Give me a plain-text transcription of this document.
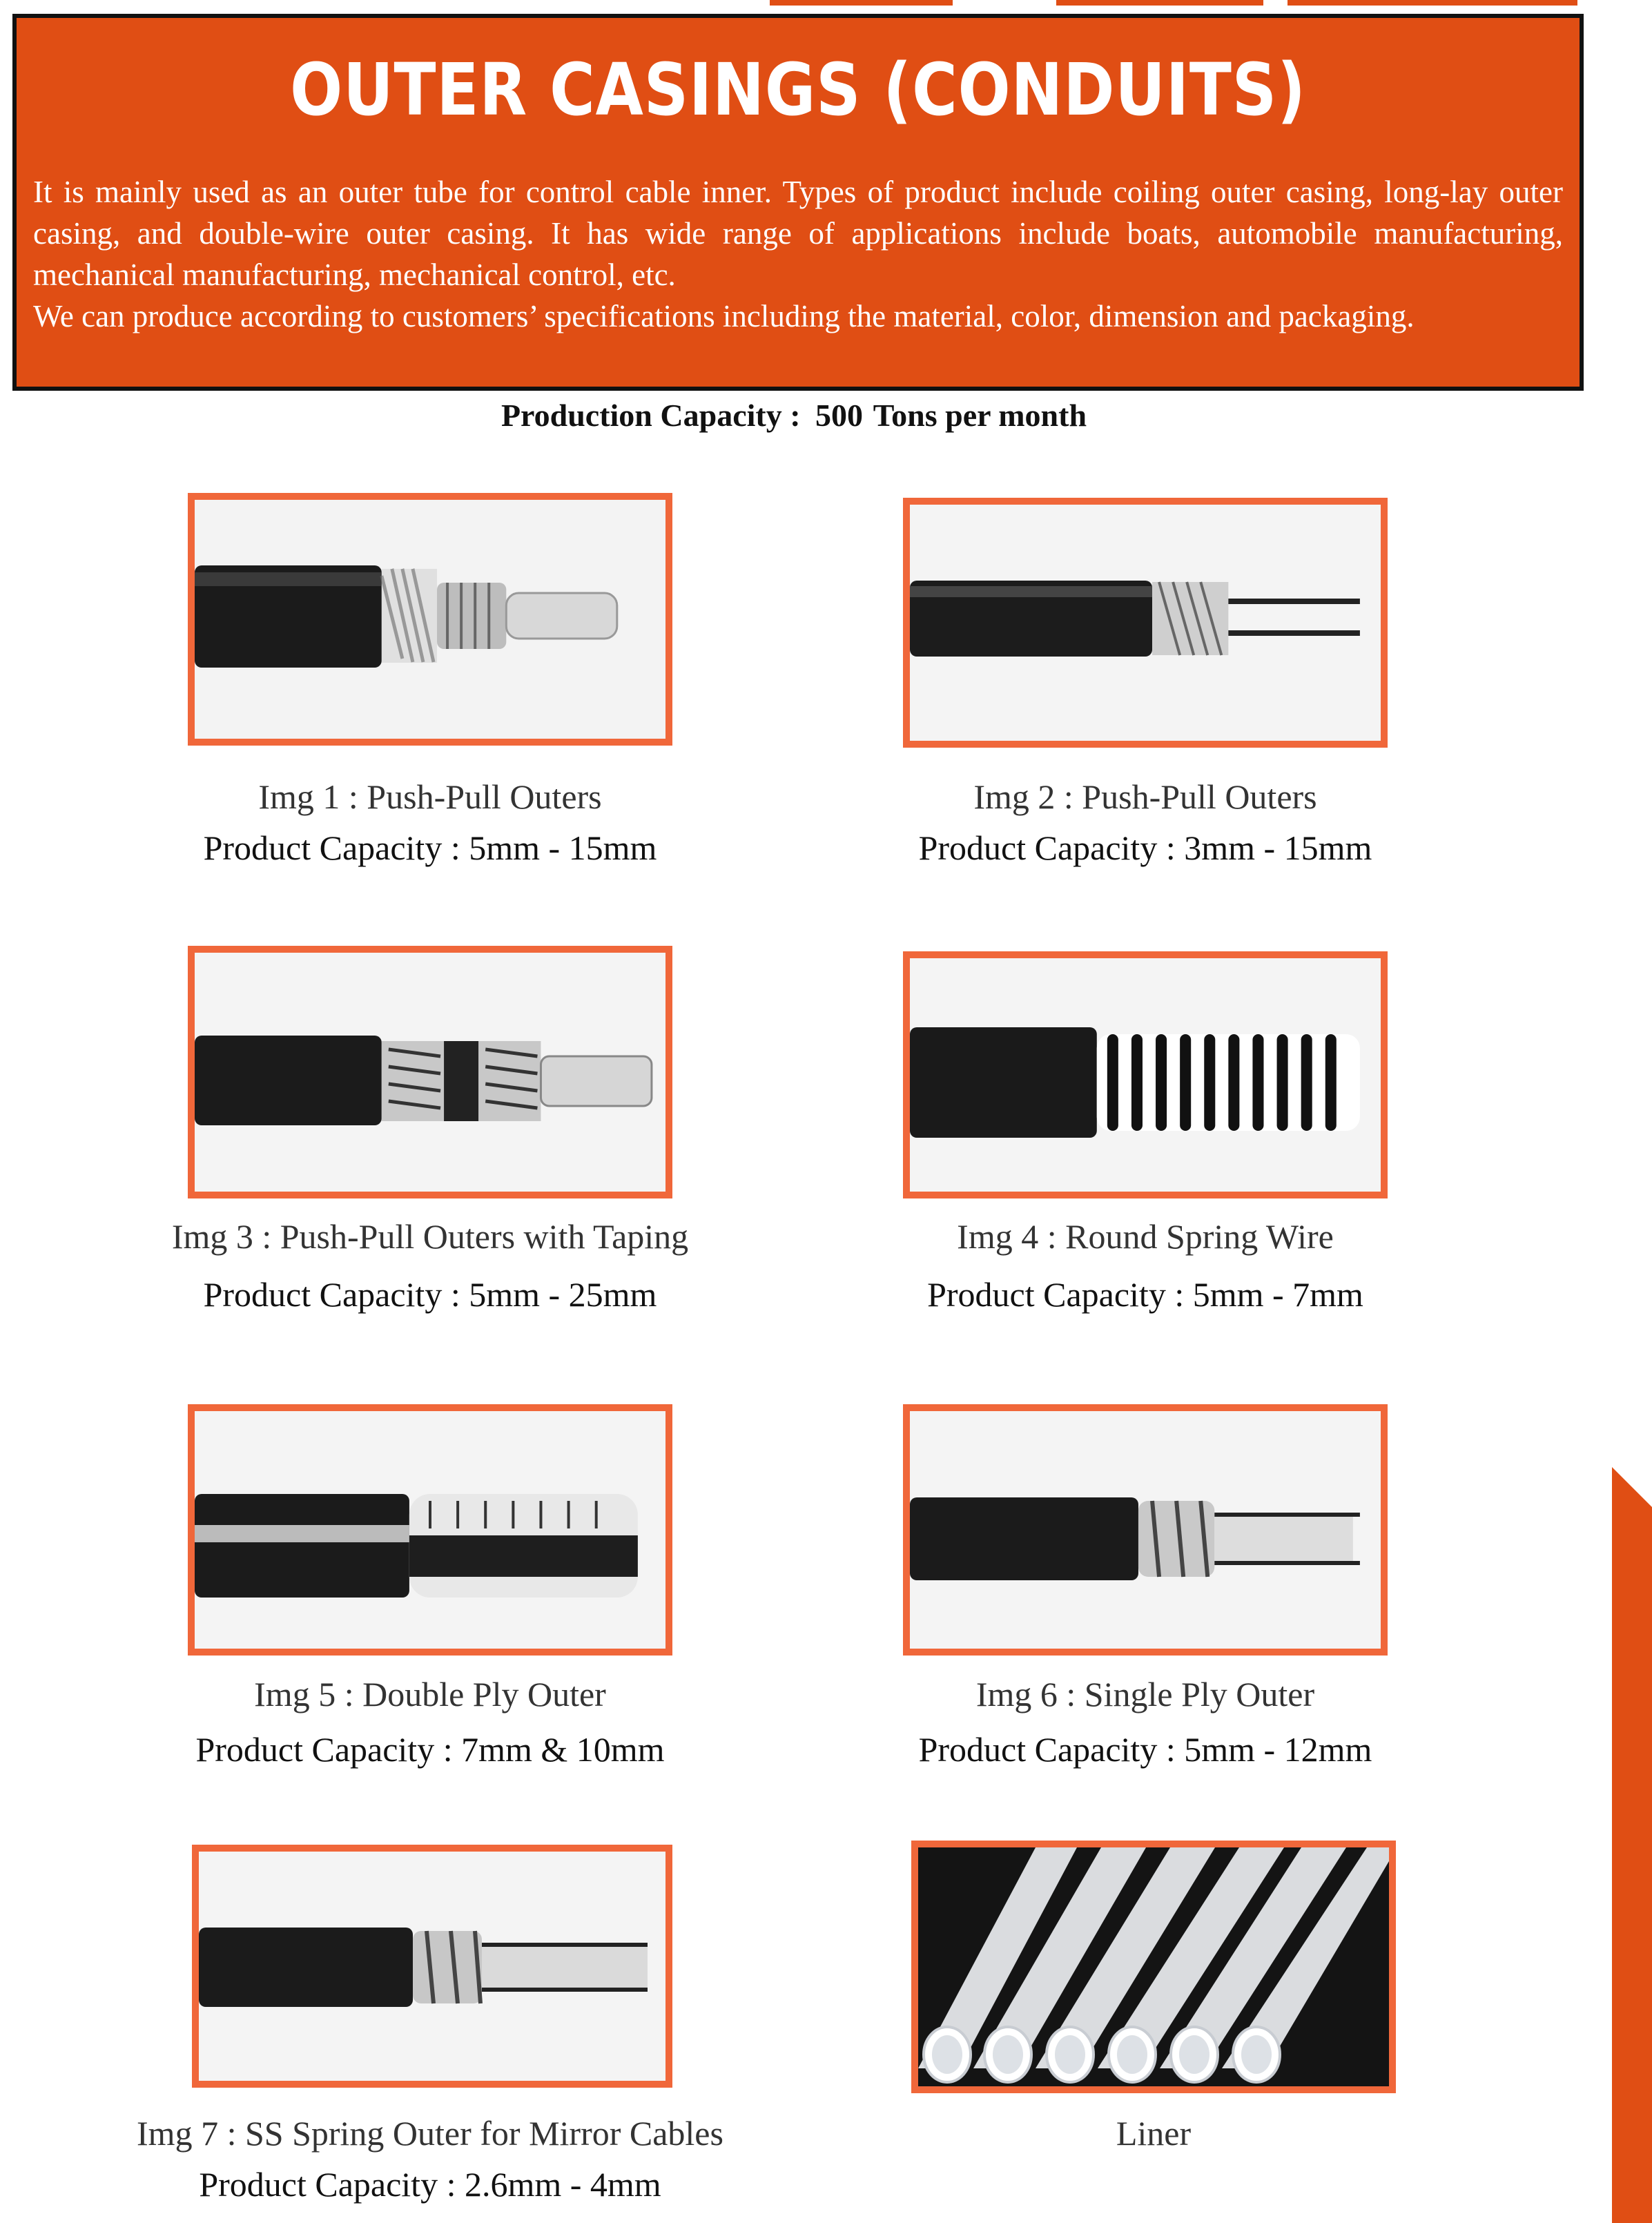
OUTER CASINGS (CONDUITS)

It is mainly used as an outer tube for control cable inner. Types of product include coiling outer casing, long-lay outer casing, and double-wire outer casing. It has wide range of applications include boats, automobile manufacturing, mechanical manufacturing, mechanical control, etc.

We can produce according to customers’ specifications including the material, color, dimension and packaging.

Production Capacity : 500 Tons per month
Img 1 : Push-Pull Outers
Product Capacity : 5mm - 15mm
Img 2 : Push-Pull Outers
Product Capacity : 3mm - 15mm
Img 3 : Push-Pull Outers with Taping
Product Capacity : 5mm - 25mm
Img 4 : Round Spring Wire
Product Capacity : 5mm - 7mm
Img 5 : Double Ply Outer
Product Capacity : 7mm & 10mm
Img 6 : Single Ply Outer
Product Capacity : 5mm - 12mm
Img 7 : SS Spring Outer for Mirror Cables
Product Capacity : 2.6mm - 4mm
Liner
